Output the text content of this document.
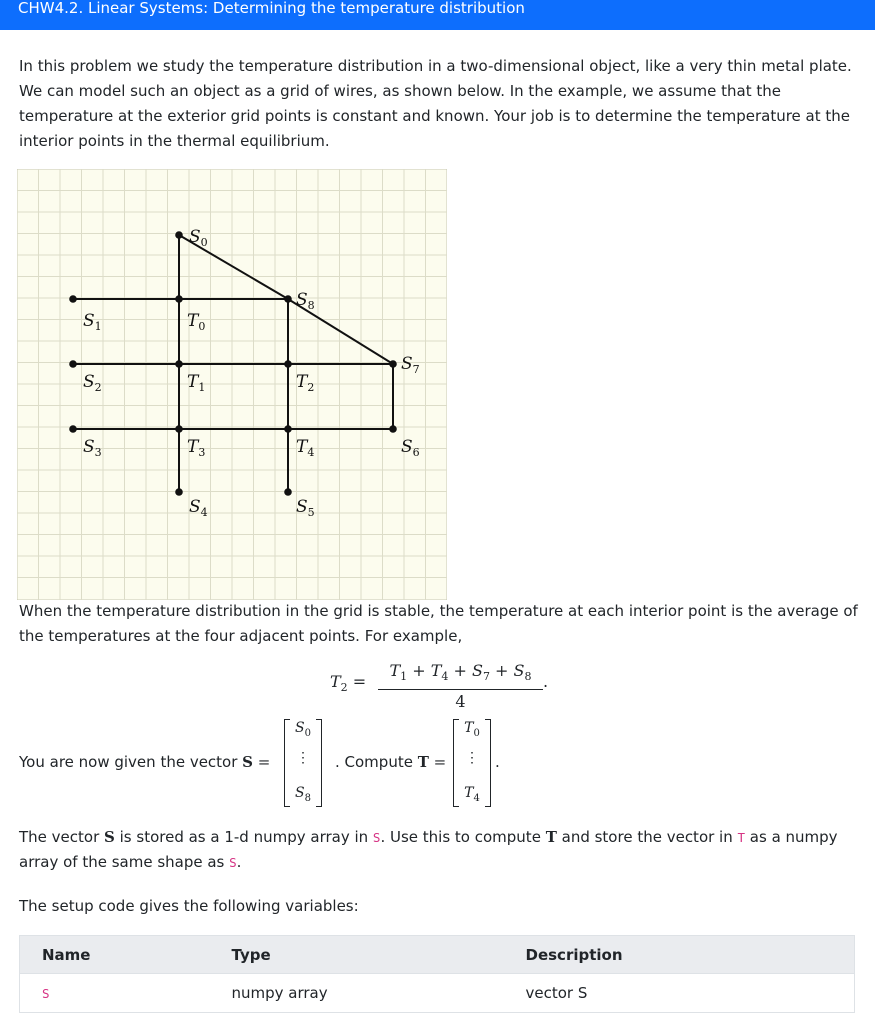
CHW4.2. Linear Systems: Determining the temperature distribution

In this problem we study the temperature distribution in a two-dimensional object, like a very thin metal plate. We can model such an object as a grid of wires, as shown below. In the example, we assume that the temperature at the exterior grid points is constant and known. Your job is to determine the temperature at the interior points in the thermal equilibrium.

$S_0$
$S_8$
$S_1$	$T_0$
$S_7$
$S_2$	$T_1$	$T_2$
$S_3$	$T_3$	$T_4$	$S_6$
$S_4$	$S_5$

When the temperature distribution in the grid is stable, the temperature at each interior point is the average of the temperatures at the four adjacent points. For example,

$T_2$ =
$T_1 + T_4 + S_7 + S_8$
4
.
You are now given the vector S =
$S_0$
⋮
$S_8$
. Compute T =
$T_0$
⋮
$T_4$
.

The vector S is stored as a 1-d numpy array in S. Use this to compute T and store the vector in T as a numpy array of the same shape as S.

The setup code gives the following variables:

Name	Type	Description
S	numpy array	vector S
